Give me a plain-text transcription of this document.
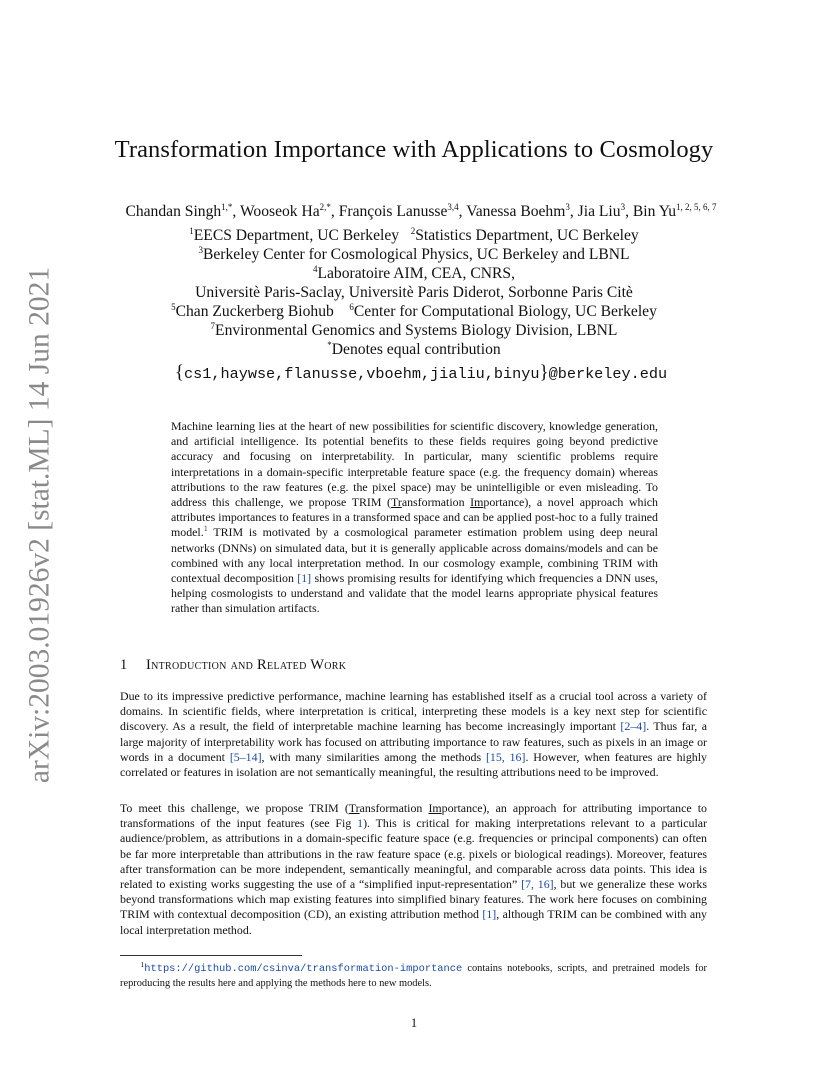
arXiv:2003.01926v2 [stat.ML] 14 Jun 2021
Transformation Importance with Applications to Cosmology
Chandan Singh$^{1,*}$, Wooseok $Ha^{2,*}$, François Lanusse$^{3,4}$, Vanessa Boehm$^3$, Jia Liu$^3$, Bin Yu$^{1, 2, 5, 6, 7}$
$^1$EECS Department, UC Berkeley $^2$Statistics Department, UC Berkeley
$^3$Berkeley Center for Cosmological Physics, UC Berkeley and LBNL
$^4$Laboratoire AIM, CEA, CNRS,
Universitè Paris-Saclay, Universitè Paris Diderot, Sorbonne Paris Citè
$^5$Chan Zuckerberg Biohub $^6$Center for Computational Biology, UC Berkeley
$^7$Environmental Genomics and Systems Biology Division, LBNL
*Denotes equal contribution
{cs1,haywse,flanusse,vboehm,jialiu,binyu}@berkeley.edu

Machine learning lies at the heart of new possibilities for scientific discovery, knowledge generation, and artificial intelligence. Its potential benefits to these fields requires going beyond predictive accuracy and focusing on interpretability. In particular, many scientific problems require interpretations in a domain-specific interpretable feature space (e.g. the frequency domain) whereas attributions to the raw features (e.g. the pixel space) may be unintelligible or even misleading. To address this challenge, we propose TRIM (Transformation Importance), a novel approach which attributes importances to features in a transformed space and can be applied post-hoc to a fully trained model.$^1$ TRIM is motivated by a cosmological parameter estimation problem using deep neural networks (DNNs) on simulated data, but it is generally applicable across domains/models and can be combined with any local interpretation method. In our cosmology example, combining TRIM with contextual decomposition [1] shows promising results for identifying which frequencies a DNN uses, helping cosmologists to understand and validate that the model learns appropriate physical features rather than simulation artifacts.

1 Introduction and Related Work

Due to its impressive predictive performance, machine learning has established itself as a crucial tool across a variety of domains. In scientific fields, where interpretation is critical, interpreting these models is a key next step for scientific discovery. As a result, the field of interpretable machine learning has become increasingly important [2–4]. Thus far, a large majority of interpretability work has focused on attributing importance to raw features, such as pixels in an image or words in a document [5–14], with many similarities among the methods [15, 16]. However, when features are highly correlated or features in isolation are not semantically meaningful, the resulting attributions need to be improved.

To meet this challenge, we propose TRIM (Transformation Importance), an approach for attributing importance to transformations of the input features (see Fig 1). This is critical for making interpretations relevant to a particular audience/problem, as attributions in a domain-specific feature space (e.g. frequencies or principal components) can often be far more interpretable than attributions in the raw feature space (e.g. pixels or biological readings). Moreover, features after transformation can be more independent, semantically meaningful, and comparable across data points. This idea is related to existing works suggesting the use of a “simplified input-representation” [7, 16], but we generalize these works beyond transformations which map existing features into simplified binary features. The work here focuses on combining TRIM with contextual decomposition (CD), an existing attribution method [1], although TRIM can be combined with any local interpretation method.

$^1$https://github.com/csinva/transformation-importance contains notebooks, scripts, and pretrained models for reproducing the results here and applying the methods here to new models.
1
